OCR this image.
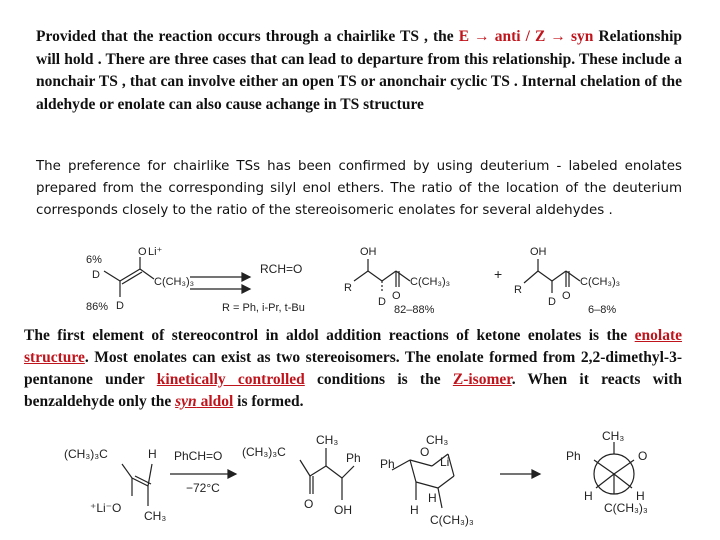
Provided that the reaction occurs through a chairlike TS , the E → anti / Z → syn Relationship will hold . There are three cases that can lead to departure from this relationship. These include a nonchair TS , that can involve either an open TS or anonchair cyclic TS . Internal chelation of the aldehyde or enolate can also cause achange in TS structure
The preference for chairlike TSs has been confirmed by using deuterium - labeled enolates prepared from the corresponding silyl enol ethers. The ratio of the location of the deuterium corresponds closely to the ratio of the stereoisomeric enolates for several aldehydes .
6%
D
O Li⁺
C(CH₃)₃
86% D
RCH=O
R = Ph, i-Pr, t-Bu
OH
R
O
C(CH₃)₃
D
82–88%
+
OH
R	O
C(CH₃)₃
D
6–8%
The first element of stereocontrol in aldol addition reactions of ketone enolates is the enolate structure. Most enolates can exist as two stereoisomers. The enolate formed from 2,2-dimethyl-3-pentanone under kinetically controlled conditions is the Z-isomer. When it reacts with benzaldehyde only the syn aldol is formed.
(CH₃)₃C	H
⁺Li⁻O
CH₃
PhCH=O
−72°C
(CH₃)₃C
CH₃
Ph
O OH
CH₃
Ph
O
Li
H
H
C(CH₃)₃
CH₃
Ph	O
H	H
C(CH₃)₃
